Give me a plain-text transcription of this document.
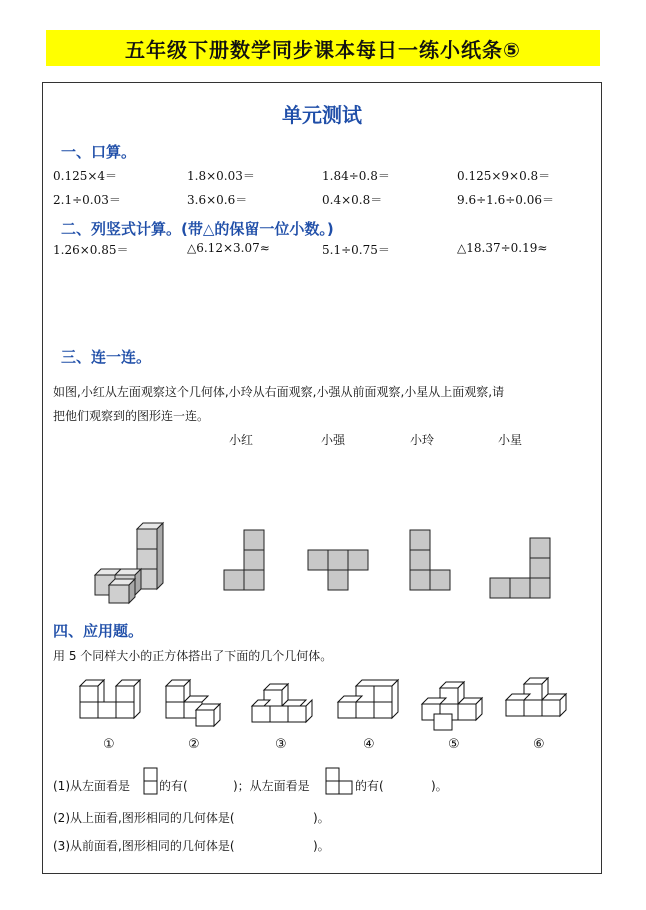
五年级下册数学同步课本每日一练小纸条⑤
单元测试
一、口算。
0.125×4＝	1.8×0.03＝	1.84÷0.8＝	0.125×9×0.8＝
2.1÷0.03＝	3.6×0.6＝	0.4×0.8＝	9.6÷1.6÷0.06＝
二、列竖式计算。(带△的保留一位小数。)
1.26×0.85＝	△6.12×3.07≈	5.1÷0.75＝	△18.37÷0.19≈
三、连一连。
如图,小红从左面观察这个几何体,小玲从右面观察,小强从前面观察,小星从上面观察,请
把他们观察到的图形连一连。
小红	小强	小玲	小星
四、应用题。
用 5 个同样大小的正方体搭出了下面的几个几何体。
①	②	③	④	⑤	⑥
(1)从左面看是 的有(	)；从左面看是	的有(	)。
(2)从上面看,图形相同的几何体是(	)。
(3)从前面看,图形相同的几何体是(	)。
